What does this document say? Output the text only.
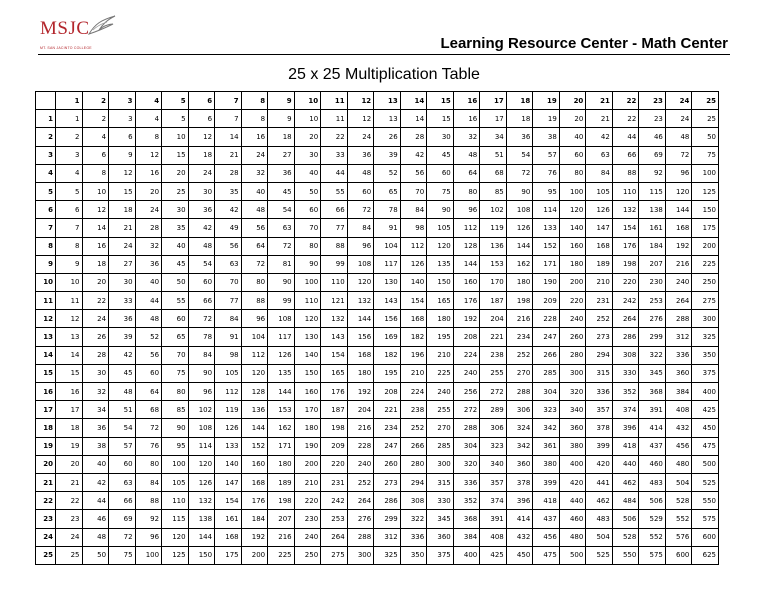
MSJC
MT. SAN JACINTO COLLEGE	Learning Resource Center - Math Center
25 x 25 Multiplication Table
	1	2	3	4	5	6	7	8	9	10	11	12	13	14	15	16	17	18	19	20	21	22	23	24	25
1	1	2	3	4	5	6	7	8	9	10	11	12	13	14	15	16	17	18	19	20	21	22	23	24	25
2	2	4	6	8	10	12	14	16	18	20	22	24	26	28	30	32	34	36	38	40	42	44	46	48	50
3	3	6	9	12	15	18	21	24	27	30	33	36	39	42	45	48	51	54	57	60	63	66	69	72	75
4	4	8	12	16	20	24	28	32	36	40	44	48	52	56	60	64	68	72	76	80	84	88	92	96	100
5	5	10	15	20	25	30	35	40	45	50	55	60	65	70	75	80	85	90	95	100	105	110	115	120	125
6	6	12	18	24	30	36	42	48	54	60	66	72	78	84	90	96	102	108	114	120	126	132	138	144	150
7	7	14	21	28	35	42	49	56	63	70	77	84	91	98	105	112	119	126	133	140	147	154	161	168	175
8	8	16	24	32	40	48	56	64	72	80	88	96	104	112	120	128	136	144	152	160	168	176	184	192	200
9	9	18	27	36	45	54	63	72	81	90	99	108	117	126	135	144	153	162	171	180	189	198	207	216	225
10	10	20	30	40	50	60	70	80	90	100	110	120	130	140	150	160	170	180	190	200	210	220	230	240	250
11	11	22	33	44	55	66	77	88	99	110	121	132	143	154	165	176	187	198	209	220	231	242	253	264	275
12	12	24	36	48	60	72	84	96	108	120	132	144	156	168	180	192	204	216	228	240	252	264	276	288	300
13	13	26	39	52	65	78	91	104	117	130	143	156	169	182	195	208	221	234	247	260	273	286	299	312	325
14	14	28	42	56	70	84	98	112	126	140	154	168	182	196	210	224	238	252	266	280	294	308	322	336	350
15	15	30	45	60	75	90	105	120	135	150	165	180	195	210	225	240	255	270	285	300	315	330	345	360	375
16	16	32	48	64	80	96	112	128	144	160	176	192	208	224	240	256	272	288	304	320	336	352	368	384	400
17	17	34	51	68	85	102	119	136	153	170	187	204	221	238	255	272	289	306	323	340	357	374	391	408	425
18	18	36	54	72	90	108	126	144	162	180	198	216	234	252	270	288	306	324	342	360	378	396	414	432	450
19	19	38	57	76	95	114	133	152	171	190	209	228	247	266	285	304	323	342	361	380	399	418	437	456	475
20	20	40	60	80	100	120	140	160	180	200	220	240	260	280	300	320	340	360	380	400	420	440	460	480	500
21	21	42	63	84	105	126	147	168	189	210	231	252	273	294	315	336	357	378	399	420	441	462	483	504	525
22	22	44	66	88	110	132	154	176	198	220	242	264	286	308	330	352	374	396	418	440	462	484	506	528	550
23	23	46	69	92	115	138	161	184	207	230	253	276	299	322	345	368	391	414	437	460	483	506	529	552	575
24	24	48	72	96	120	144	168	192	216	240	264	288	312	336	360	384	408	432	456	480	504	528	552	576	600
25	25	50	75	100	125	150	175	200	225	250	275	300	325	350	375	400	425	450	475	500	525	550	575	600	625
